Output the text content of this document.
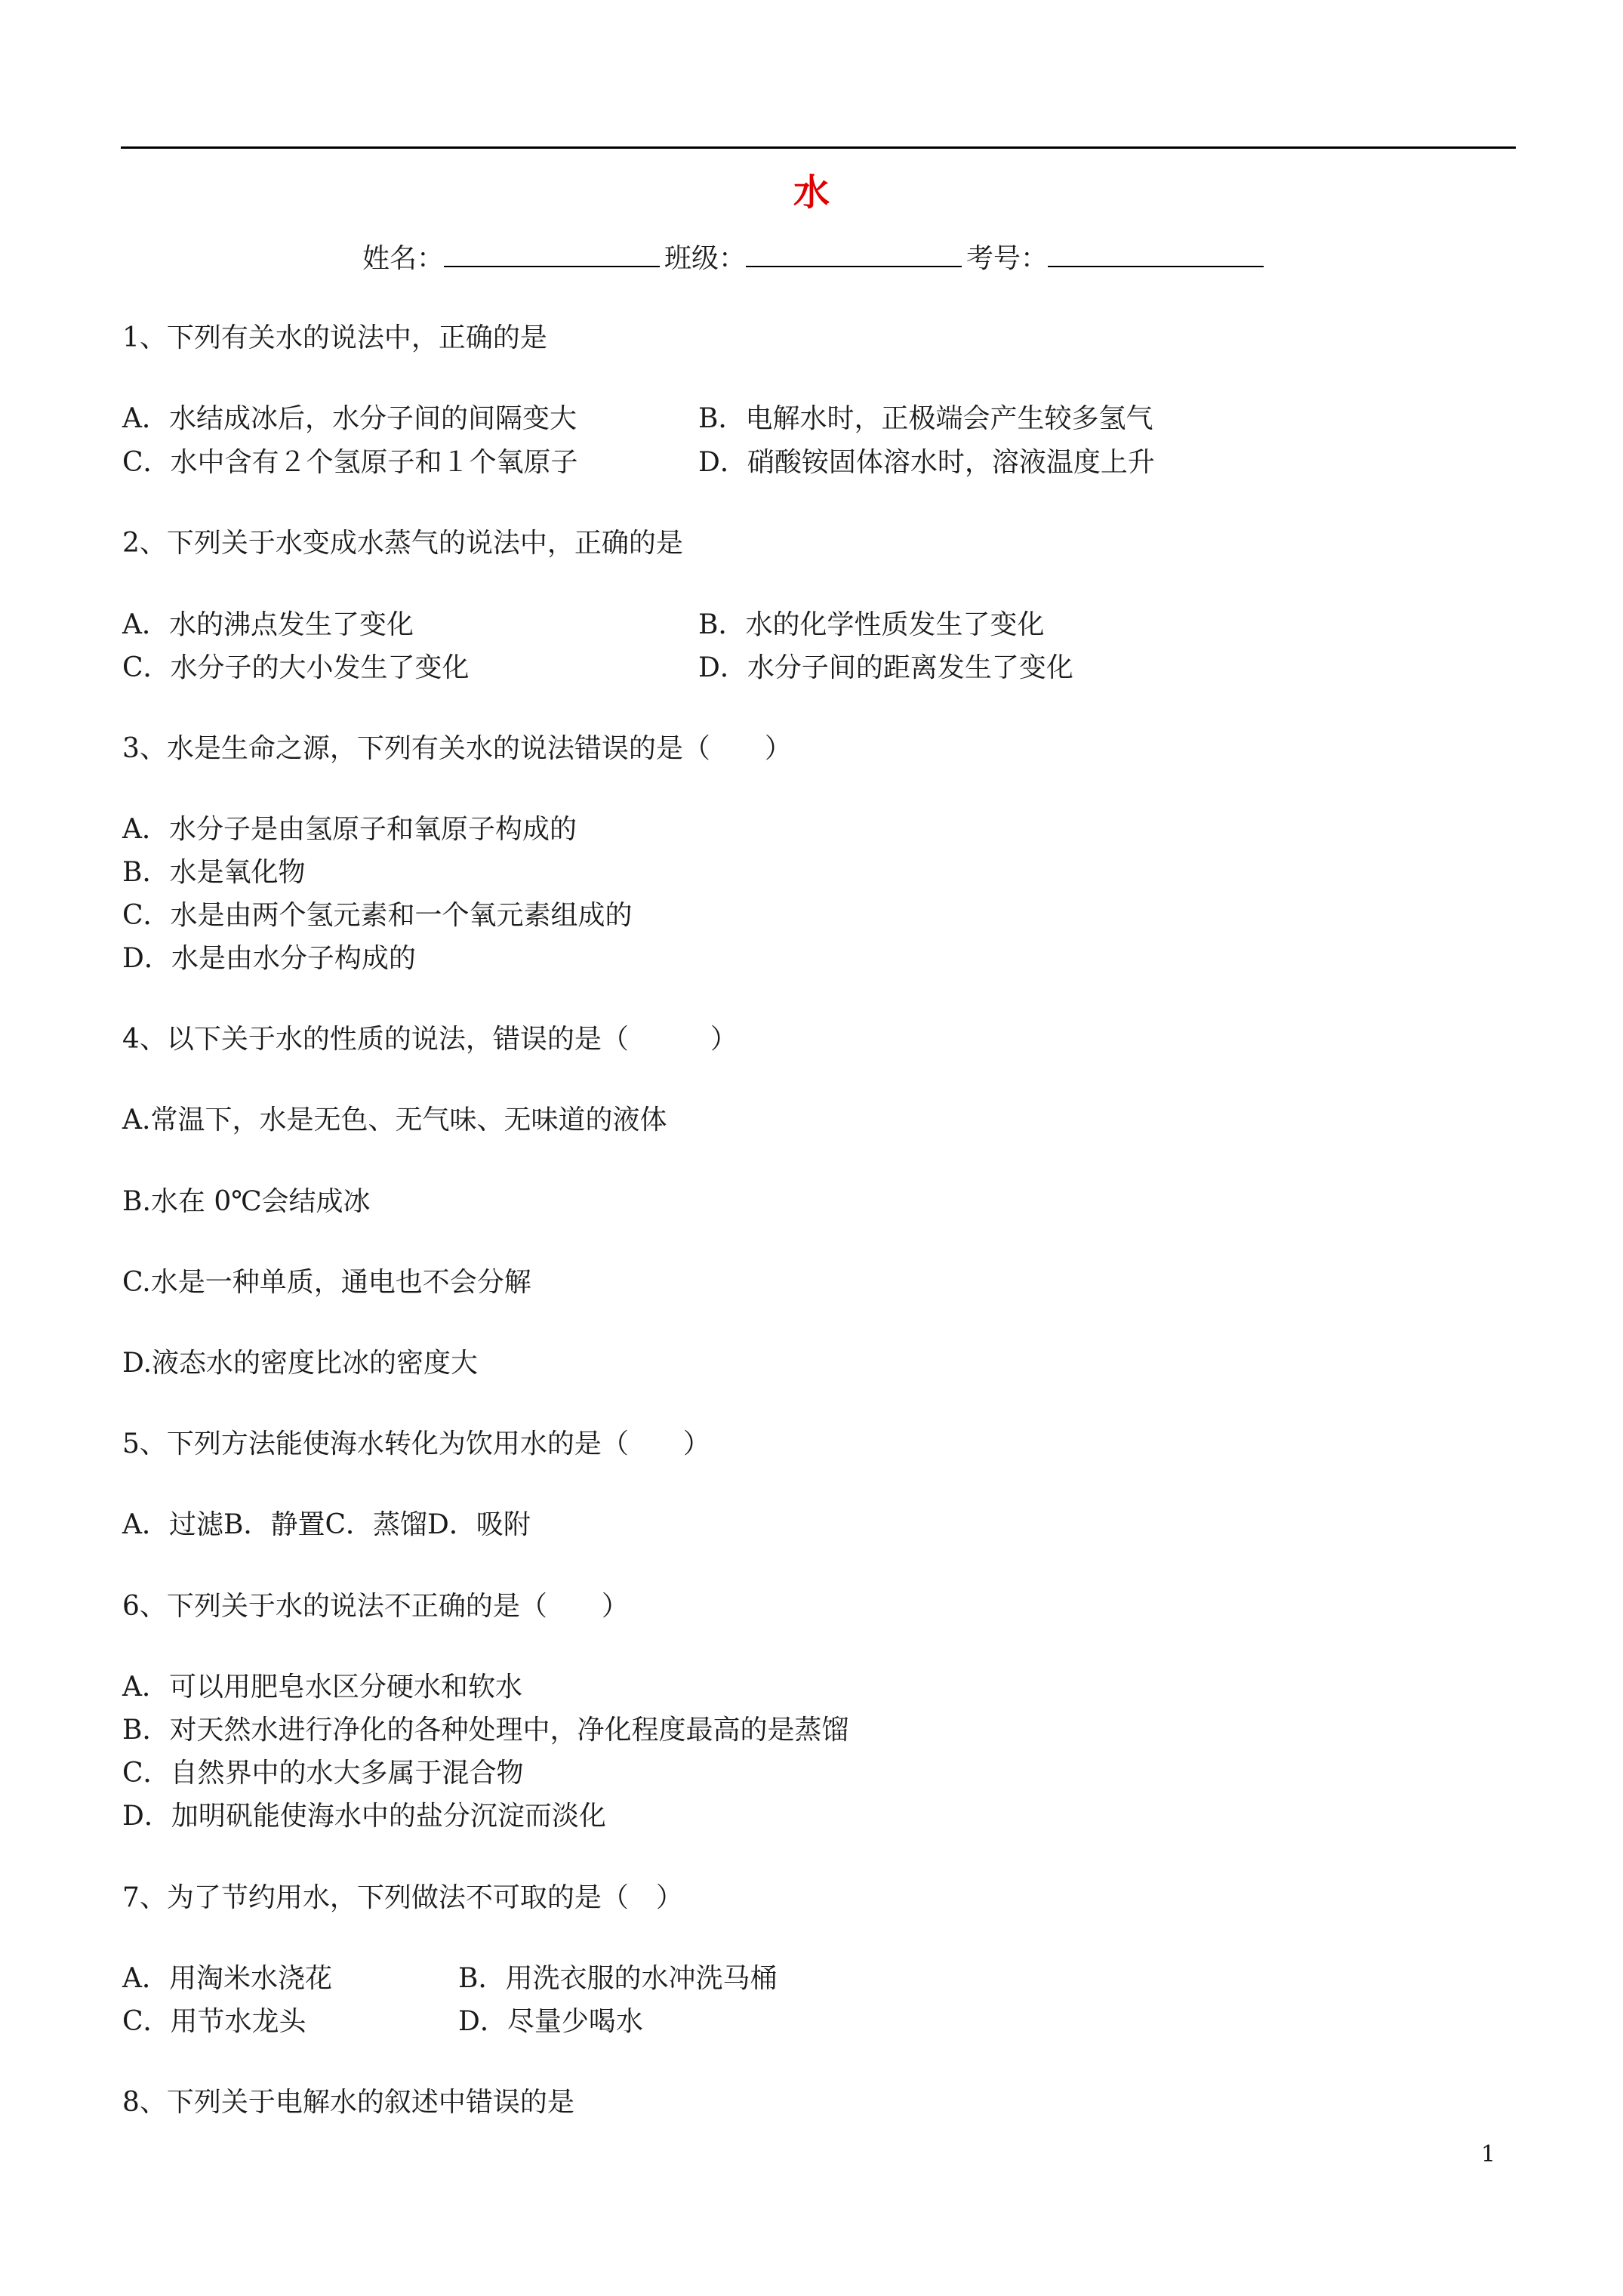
水
姓名：	班级：	考号：
1、下列有关水的说法中，正确的是
A．水结成冰后，水分子间的间隔变大	B．电解水时，正极端会产生较多氢气
C．水中含有２个氢原子和１个氧原子	D．硝酸铵固体溶水时，溶液温度上升
2、下列关于水变成水蒸气的说法中，正确的是
A．水的沸点发生了变化	B．水的化学性质发生了变化
C．水分子的大小发生了变化	D．水分子间的距离发生了变化
3、水是生命之源，下列有关水的说法错误的是（　　）
A．水分子是由氢原子和氧原子构成的
B．水是氧化物
C．水是由两个氢元素和一个氧元素组成的
D．水是由水分子构成的
4、以下关于水的性质的说法，错误的是（　　　）
A.常温下，水是无色、无气味、无味道的液体
B.水在 0℃会结成冰
C.水是一种单质，通电也不会分解
D.液态水的密度比冰的密度大
5、下列方法能使海水转化为饮用水的是（　　）
A．过滤B．静置C．蒸馏D．吸附
6、下列关于水的说法不正确的是（　　）
A．可以用肥皂水区分硬水和软水
B．对天然水进行净化的各种处理中，净化程度最高的是蒸馏
C．自然界中的水大多属于混合物
D．加明矾能使海水中的盐分沉淀而淡化
7、为了节约用水，下列做法不可取的是（　）
A．用淘米水浇花	B．用洗衣服的水冲洗马桶
C．用节水龙头	D．尽量少喝水
8、下列关于电解水的叙述中错误的是
1
